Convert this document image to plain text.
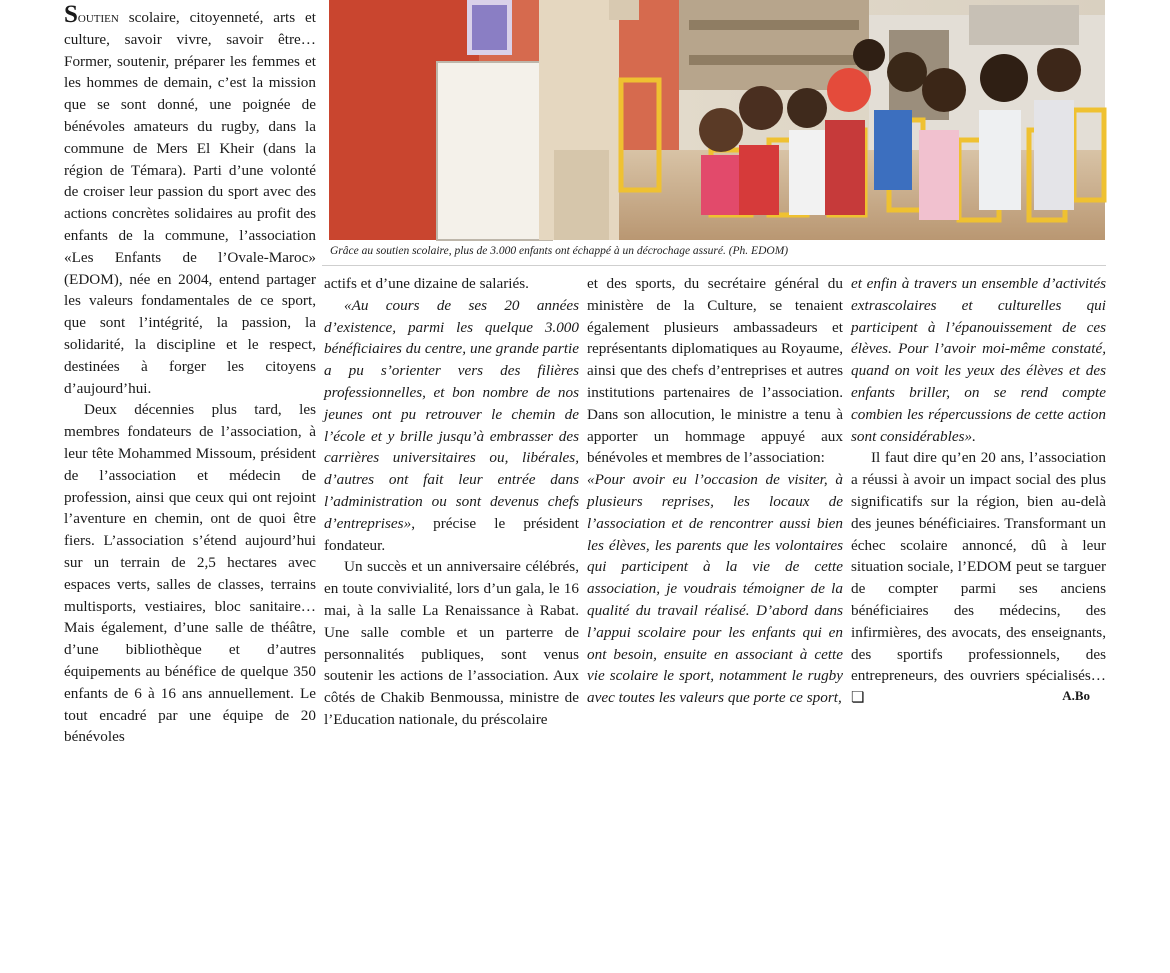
Soutien scolaire, citoyenneté, arts et culture, savoir vivre, savoir être… Former, soutenir, préparer les femmes et les hommes de demain, c’est la mission que se sont donné, une poignée de bénévoles amateurs du rugby, dans la commune de Mers El Kheir (dans la région de Témara). Parti d’une volonté de croiser leur passion du sport avec des actions concrètes solidaires au profit des enfants de la commune, l’association «Les Enfants de l’Ovale-Maroc» (EDOM), née en 2004, entend partager les valeurs fondamentales de ce sport, que sont l’intégrité, la passion, la solidarité, la discipline et le respect, destinées à forger les citoyens d’aujourd’hui.

Deux décennies plus tard, les membres fondateurs de l’association, à leur tête Mohammed Missoum, président de l’association et médecin de profession, ainsi que ceux qui ont rejoint l’aventure en chemin, ont de quoi être fiers. L’association s’étend aujourd’hui sur un terrain de 2,5 hectares avec espaces verts, salles de classes, terrains multisports, vestiaires, bloc sanitaire… Mais également, d’une salle de théâtre, d’une bibliothèque et d’autres équipements au bénéfice de quelque 350 enfants de 6 à 16 ans annuellement. Le tout encadré par une équipe de 20 bénévoles

Grâce au soutien scolaire, plus de 3.000 enfants ont échappé à un décrochage assuré. (Ph. EDOM)

actifs et d’une dizaine de salariés.

«Au cours de ses 20 années d’existence, parmi les quelque 3.000 bénéficiaires du centre, une grande partie a pu s’orienter vers des filières professionnelles, et bon nombre de nos jeunes ont pu retrouver le chemin de l’école et y brille jusqu’à embrasser des carrières universitaires ou, libérales, d’autres ont fait leur entrée dans l’administration ou sont devenus chefs d’entreprises», précise le président fondateur.

Un succès et un anniversaire célébrés, en toute convivialité, lors d’un gala, le 16 mai, à la salle La Renaissance à Rabat. Une salle comble et un parterre de personnalités publiques, sont venus soutenir les actions de l’association. Aux côtés de Chakib Benmoussa, ministre de l’Education nationale, du préscolaire

et des sports, du secrétaire général du ministère de la Culture, se tenaient également plusieurs ambassadeurs et représentants diplomatiques au Royaume, ainsi que des chefs d’entreprises et autres institutions partenaires de l’association. Dans son allocution, le ministre a tenu à apporter un hommage appuyé aux bénévoles et membres de l’association:

«Pour avoir eu l’occasion de visiter, à plusieurs reprises, les locaux de l’association et de rencontrer aussi bien les élèves, les parents que les volontaires qui participent à la vie de cette association, je voudrais témoigner de la qualité du travail réalisé. D’abord dans l’appui scolaire pour les enfants qui en ont besoin, ensuite en associant à cette vie scolaire le sport, notamment le rugby avec toutes les valeurs que porte ce sport,

et enfin à travers un ensemble d’activités extrascolaires et culturelles qui participent à l’épanouissement de ces élèves. Pour l’avoir moi-même constaté, quand on voit les yeux des élèves et des enfants briller, on se rend compte combien les répercussions de cette action sont considérables».

Il faut dire qu’en 20 ans, l’association a réussi à avoir un impact social des plus significatifs sur la région, bien au-delà des jeunes bénéficiaires. Transformant un échec scolaire annoncé, dû à leur situation sociale, l’EDOM peut se targuer de compter parmi ses anciens bénéficiaires des médecins, des infirmières, des avocats, des enseignants, des sportifs professionnels, des entrepreneurs, des ouvriers spécialisés…❏	A.Bo
